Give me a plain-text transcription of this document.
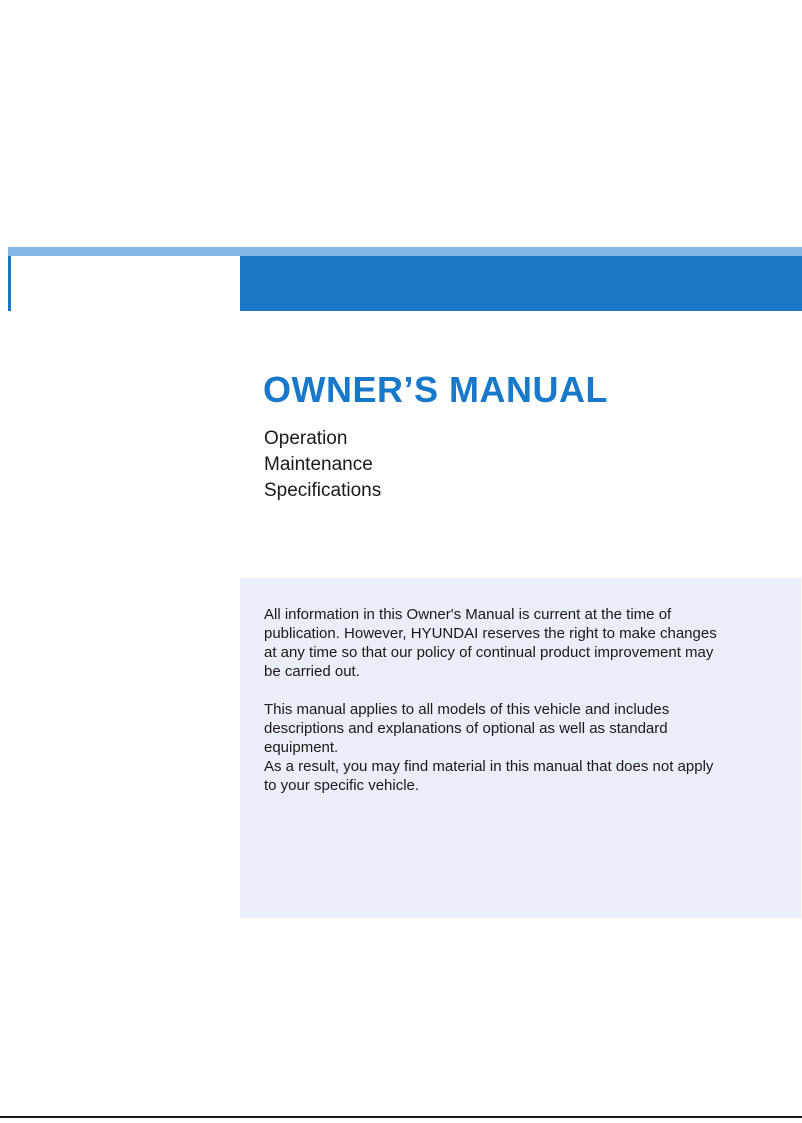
OWNER’S MANUAL
Operation
Maintenance
Specifications

All information in this Owner's Manual is current at the time of publication. However, HYUNDAI reserves the right to make changes at any time so that our policy of continual product improvement may be carried out.

This manual applies to all models of this vehicle and includes descriptions and explanations of optional as well as standard equipment.

As a result, you may find material in this manual that does not apply to your specific vehicle.
